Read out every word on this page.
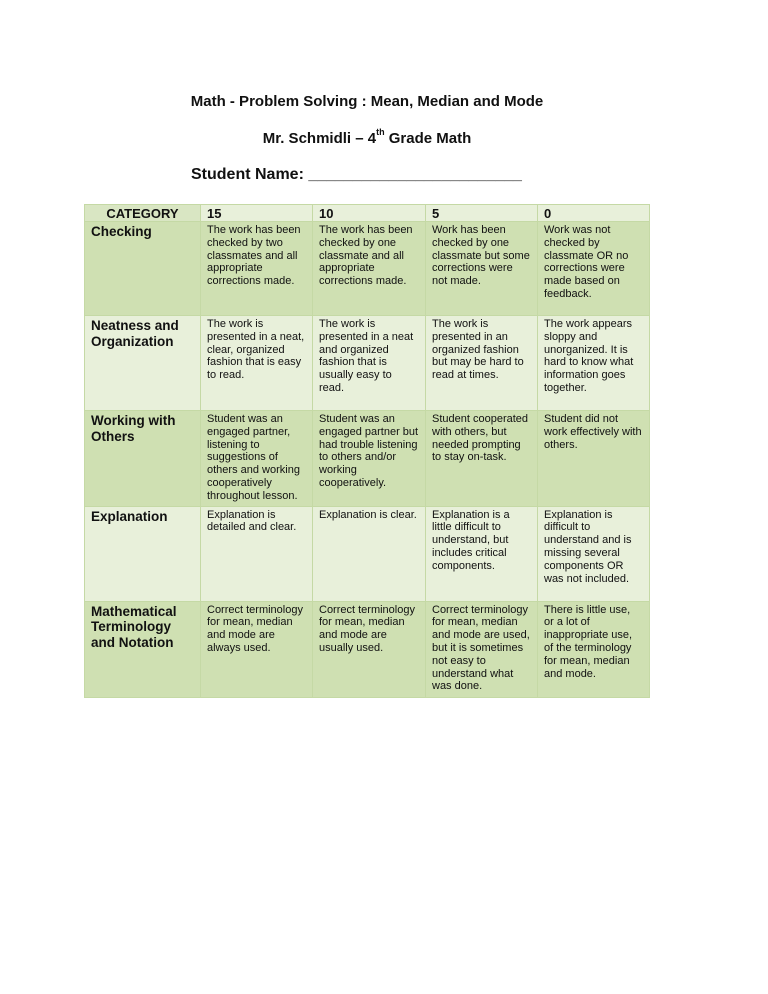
Math - Problem Solving : Mean, Median and Mode
Mr. Schmidli – 4th Grade Math
Student Name: ________________________
CATEGORY	15	10	5	0
Checking	The work has been checked by two classmates and all appropriate corrections made.	The work has been checked by one classmate and all appropriate corrections made.	Work has been checked by one classmate but some corrections were not made.	Work was not checked by classmate OR no corrections were made based on feedback.
Neatness and Organization	The work is presented in a neat, clear, organized fashion that is easy to read.	The work is presented in a neat and organized fashion that is usually easy to read.	The work is presented in an organized fashion but may be hard to read at times.	The work appears sloppy and unorganized. It is hard to know what information goes together.
Working with Others	Student was an engaged partner, listening to suggestions of others and working cooperatively throughout lesson.	Student was an engaged partner but had trouble listening to others and/or working cooperatively.	Student cooperated with others, but needed prompting to stay on-task.	Student did not work effectively with others.
Explanation	Explanation is detailed and clear.	Explanation is clear.	Explanation is a little difficult to understand, but includes critical components.	Explanation is difficult to understand and is missing several components OR was not included.
Mathematical Terminology and Notation	Correct terminology for mean, median and mode are always used.	Correct terminology for mean, median and mode are usually used.	Correct terminology for mean, median and mode are used, but it is sometimes not easy to understand what was done.	There is little use, or a lot of inappropriate use, of the terminology for mean, median and mode.
